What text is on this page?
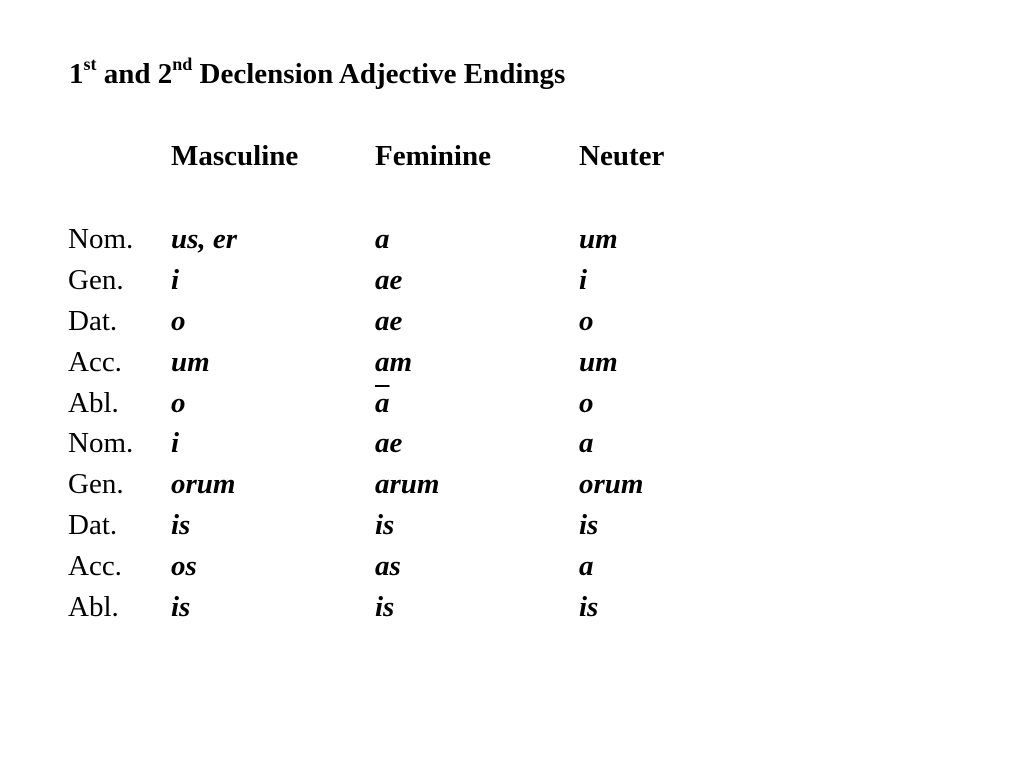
1st and 2nd Declension Adjective Endings
Masculine	Feminine	Neuter
Nom. us, er	a	um
Gen. i	ae	i
Dat. o	ae	o
Acc. um	am	um
Abl. o	$\overline{a}$	o
Nom. i	ae	a
Gen. orum	arum	orum
Dat. is	is	is
Acc. os	as	a
Abl. is	is	is
